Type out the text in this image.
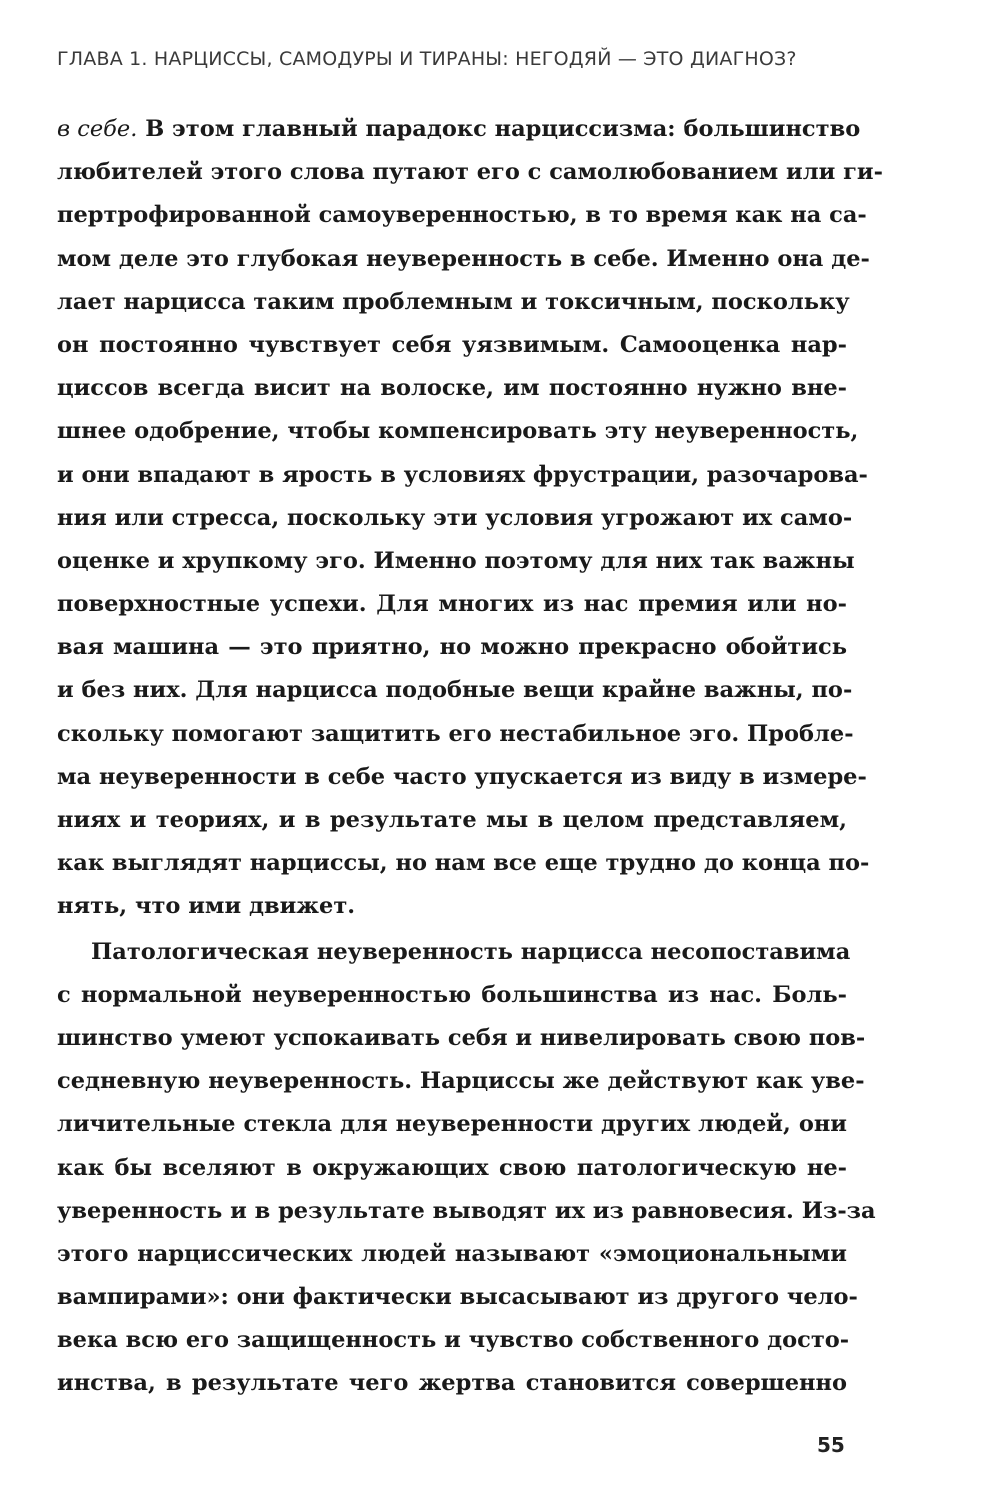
ГЛАВА 1. НАРЦИССЫ, САМОДУРЫ И ТИРАНЫ: НЕГОДЯЙ — ЭТО ДИАГНОЗ?
в себе. В этом главный парадокс нарциссизма: большинство
любителей этого слова путают его с самолюбованием или ги-
пертрофированной самоуверенностью, в то время как на са-
мом деле это глубокая неуверенность в себе. Именно она де-
лает нарцисса таким проблемным и токсичным, поскольку
он постоянно чувствует себя уязвимым. Самооценка нар-
циссов всегда висит на волоске, им постоянно нужно вне-
шнее одобрение, чтобы компенсировать эту неуверенность,
и они впадают в ярость в условиях фрустрации, разочарова-
ния или стресса, поскольку эти условия угрожают их само-
оценке и хрупкому эго. Именно поэтому для них так важны
поверхностные успехи. Для многих из нас премия или но-
вая машина — это приятно, но можно прекрасно обойтись
и без них. Для нарцисса подобные вещи крайне важны, по-
скольку помогают защитить его нестабильное эго. Пробле-
ма неуверенности в себе часто упускается из виду в измере-
ниях и теориях, и в результате мы в целом представляем,
как выглядят нарциссы, но нам все еще трудно до конца по-
нять, что ими движет.
Патологическая неуверенность нарцисса несопоставима
с нормальной неуверенностью большинства из нас. Боль-
шинство умеют успокаивать себя и нивелировать свою пов-
седневную неуверенность. Нарциссы же действуют как уве-
личительные стекла для неуверенности других людей, они
как бы вселяют в окружающих свою патологическую не-
уверенность и в результате выводят их из равновесия. Из-за
этого нарциссических людей называют «эмоциональными
вампирами»: они фактически высасывают из другого чело-
века всю его защищенность и чувство собственного досто-
инства, в результате чего жертва становится совершенно
55
